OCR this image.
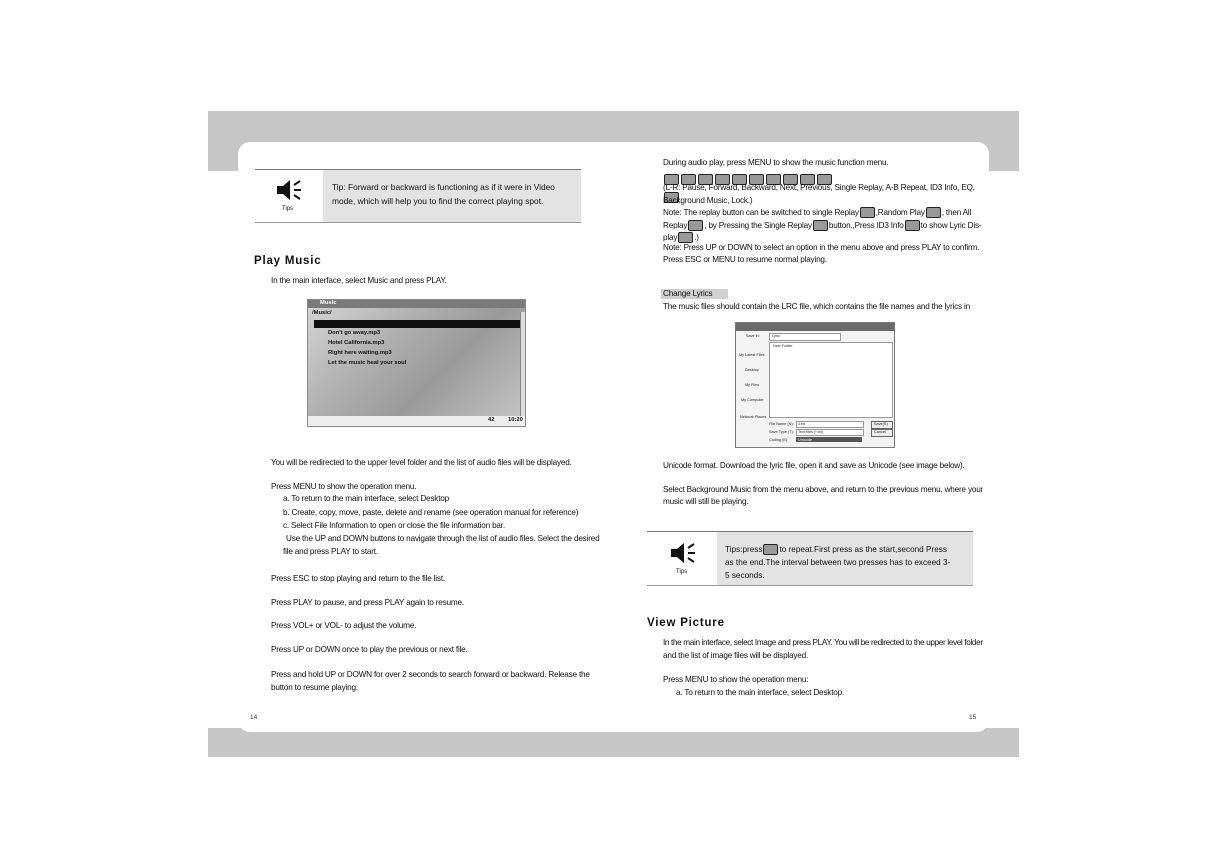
Tips
Tip: Forward or backward is functioning as if it were in Video
mode, which will help you to find the correct playing spot.
Play Music
In the main interface, select Music and press PLAY.
Music
/Music/
Don't go away.mp3
Hotel California.mp3
Right here waiting.mp3
Let the music heal your soul
42 10:20
You will be redirected to the upper level folder and the list of audio files will be displayed.
Press MENU to show the operation menu.
a. To return to the main interface, select Desktop
b. Create, copy, move, paste, delete and rename (see operation manual for reference)
c. Select File Information to open or close the file information bar.
Use the UP and DOWN buttons to navigate through the list of audio files. Select the desired
file and press PLAY to start.
Press ESC to stop playing and return to the file list.
Press PLAY to pause, and press PLAY again to resume.
Press VOL+ or VOL- to adjust the volume.
Press UP or DOWN once to play the previous or next file.
Press and hold UP or DOWN for over 2 seconds to search forward or backward. Release the
button to resume playing.
14
During audio play, press MENU to show the music function menu.
(L-R: Pause, Forward, Backward, Next, Previous, Single Replay, A-B Repeat, ID3 Info, EQ,
Background Music, Lock.)
Note: The replay button can be switched to single Replay ,Random Play , then All
Replay , by Pressing the Single Replay button.,Press ID3 Info to show Lyric Dis-
play .)
Note: Press UP or DOWN to select an option in the menu above and press PLAY to confirm.
Press ESC or MENU to resume normal playing.
Change Lyrics
The music files should contain the LRC file, which contains the file names and the lyrics in
Save in:	Lyric
New Folder
My Latest Files
Desktop
My Files
My Computer
Network Places
File Name (N): 1.txt
Save Type (T): Text files (*.txt)
Coding (E):	Unicode
Save(S)
Cancel
Unicode format. Download the lyric file, open it and save as Unicode (see image below).
Select Background Music from the menu above, and return to the previous menu, where your
music will still be playing.
Tips
Tips:press to repeat.First press as the start,second Press
as the end.The interval between two presses has to exceed 3-
5 seconds.
View Picture
In the main interface, select Image and press PLAY. You will be redirected to the upper level folder
and the list of image files will be displayed.
Press MENU to show the operation menu:
a. To return to the main interface, select Desktop.
15
